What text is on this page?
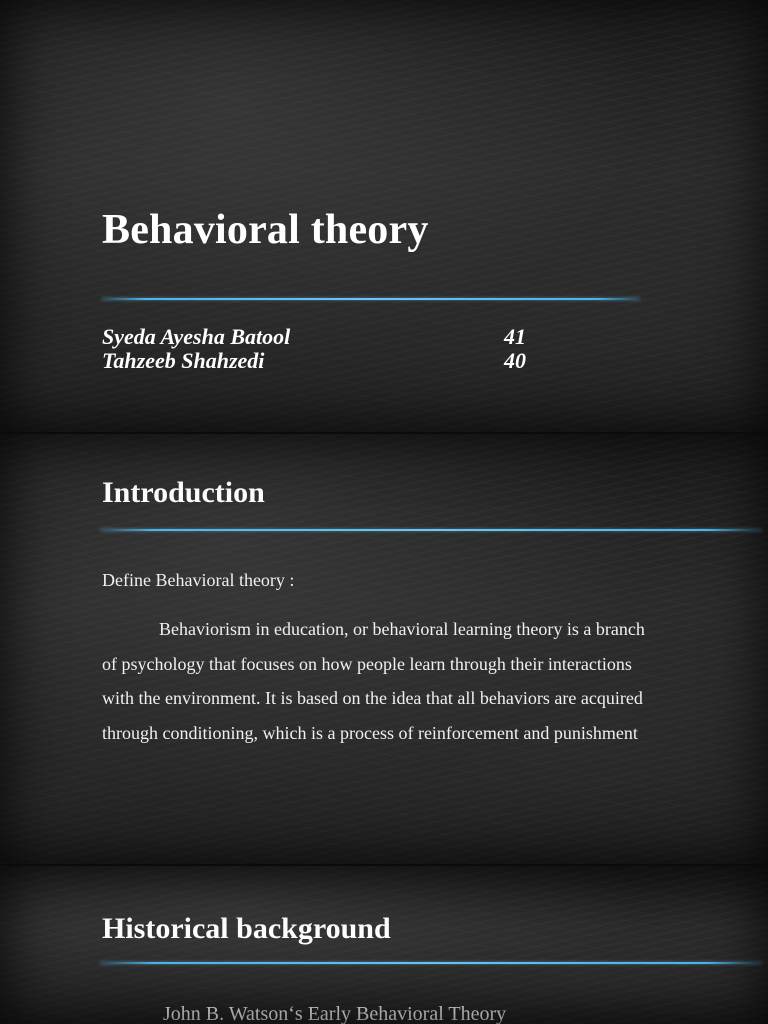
Behavioral theory
Syeda Ayesha Batool	41
Tahzeeb Shahzedi	40
Introduction
Define Behavioral theory :

Behaviorism in education, or behavioral learning theory is a branch of psychology that focuses on how people learn through their interactions with the environment. It is based on the idea that all behaviors are acquired through conditioning, which is a process of reinforcement and punishment

Historical background
John B. Watson‘s Early Behavioral Theory
